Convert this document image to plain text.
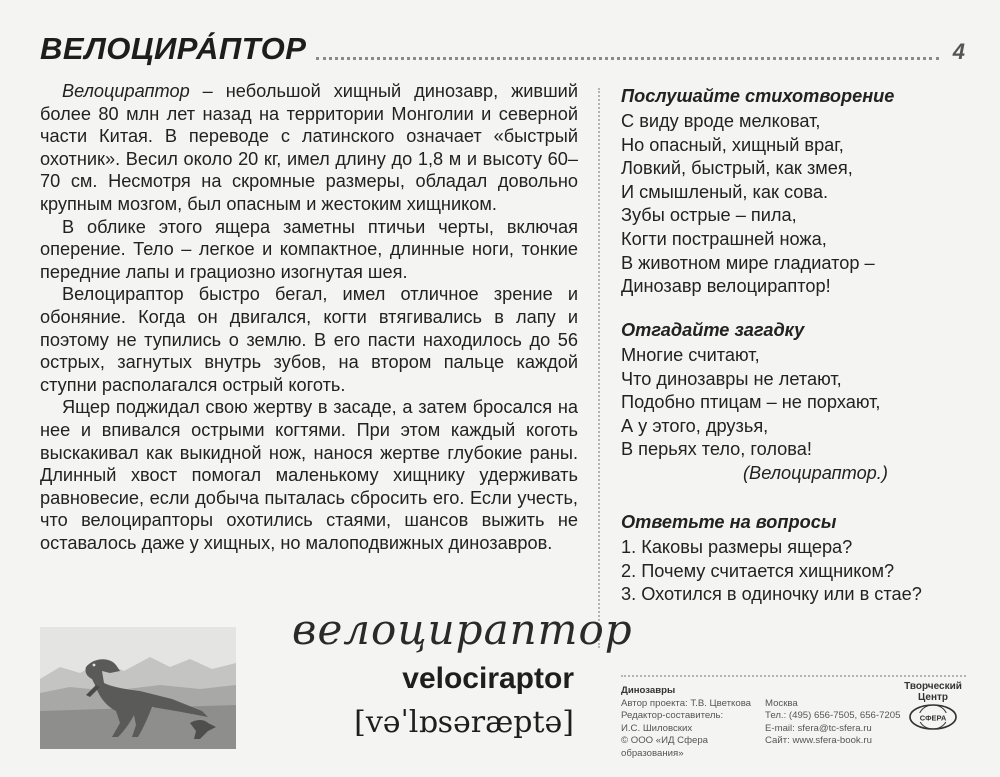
ВЕЛОЦИРА́ПТОР	4

Велоцираптор – небольшой хищный динозавр, живший более 80 млн лет назад на территории Монголии и северной части Китая. В переводе с латинского означает «быстрый охотник». Весил около 20 кг, имел длину до 1,8 м и высоту 60–70 см. Несмотря на скромные размеры, обладал довольно крупным мозгом, был опасным и жестоким хищником.

В облике этого ящера заметны птичьи черты, включая оперение. Тело – легкое и компактное, длинные ноги, тонкие передние лапы и грациозно изогнутая шея.

Велоцираптор быстро бегал, имел отличное зрение и обоняние. Когда он двигался, когти втягивались в лапу и поэтому не тупились о землю. В его пасти находилось до 56 острых, загнутых внутрь зубов, на втором пальце каждой ступни располагался острый коготь.

Ящер поджидал свою жертву в засаде, а затем бросался на нее и впивался острыми когтями. При этом каждый коготь выскакивал как выкидной нож, нанося жертве глубокие раны. Длинный хвост помогал маленькому хищнику удерживать равновесие, если добыча пыталась сбросить его. Если учесть, что велоцирапторы охотились стаями, шансов выжить не оставалось даже у хищных, но малоподвижных динозавров.

Послушайте стихотворение
С виду вроде мелковат,
Но опасный, хищный враг,
Ловкий, быстрый, как змея,
И смышленый, как сова.
Зубы острые – пила,
Когти пострашней ножа,
В животном мире гладиатор –
Динозавр велоцираптор!
Отгадайте загадку
Многие считают,
Что динозавры не летают,
Подобно птицам – не порхают,
А у этого, друзья,
В перьях тело, голова!
(Велоцираптор.)
Ответьте на вопросы
1. Каковы размеры ящера?
2. Почему считается хищником?
3. Охотился в одиночку или в стае?
велоцираптор
velociraptor
[vəˈlɒsəræptə]
Динозавры
Автор проекта: Т.В. Цветкова
Редактор-составитель:
И.С. Шиловских
© ООО «ИД Сфера образования»

Москва
Тел.: (495) 656-7505, 656-7205
E-mail: sfera@tc-sfera.ru
Сайт: www.sfera-book.ru
Творческий
Центр
СФЕРА
